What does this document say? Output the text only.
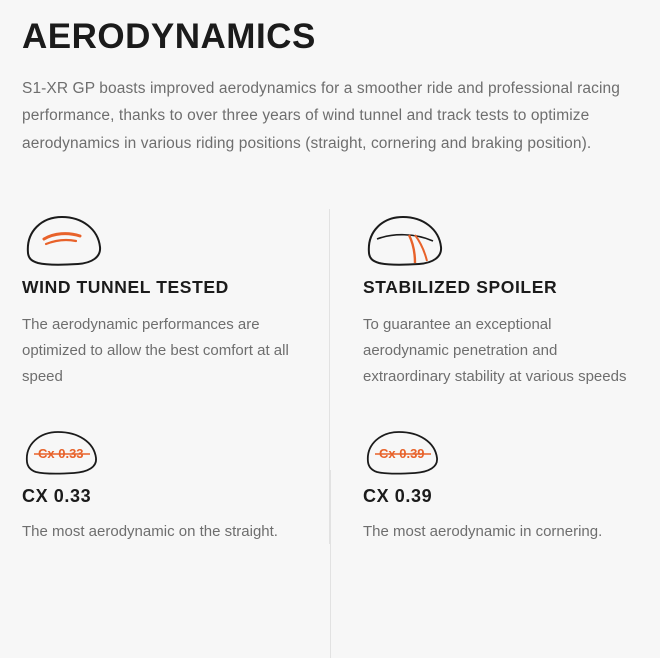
AERODYNAMICS

S1-XR GP boasts improved aerodynamics for a smoother ride and professional racing performance, thanks to over three years of wind tunnel and track tests to optimize aerodynamics in various riding positions (straight, cornering and braking position).

WIND TUNNEL TESTED

The aerodynamic performances are optimized to allow the best comfort at all speed

Cx 0.33
CX 0.33

The most aerodynamic on the straight.

STABILIZED SPOILER

To guarantee an exceptional aerodynamic penetration and extraordinary stability at various speeds

Cx 0.39
CX 0.39

The most aerodynamic in cornering.
